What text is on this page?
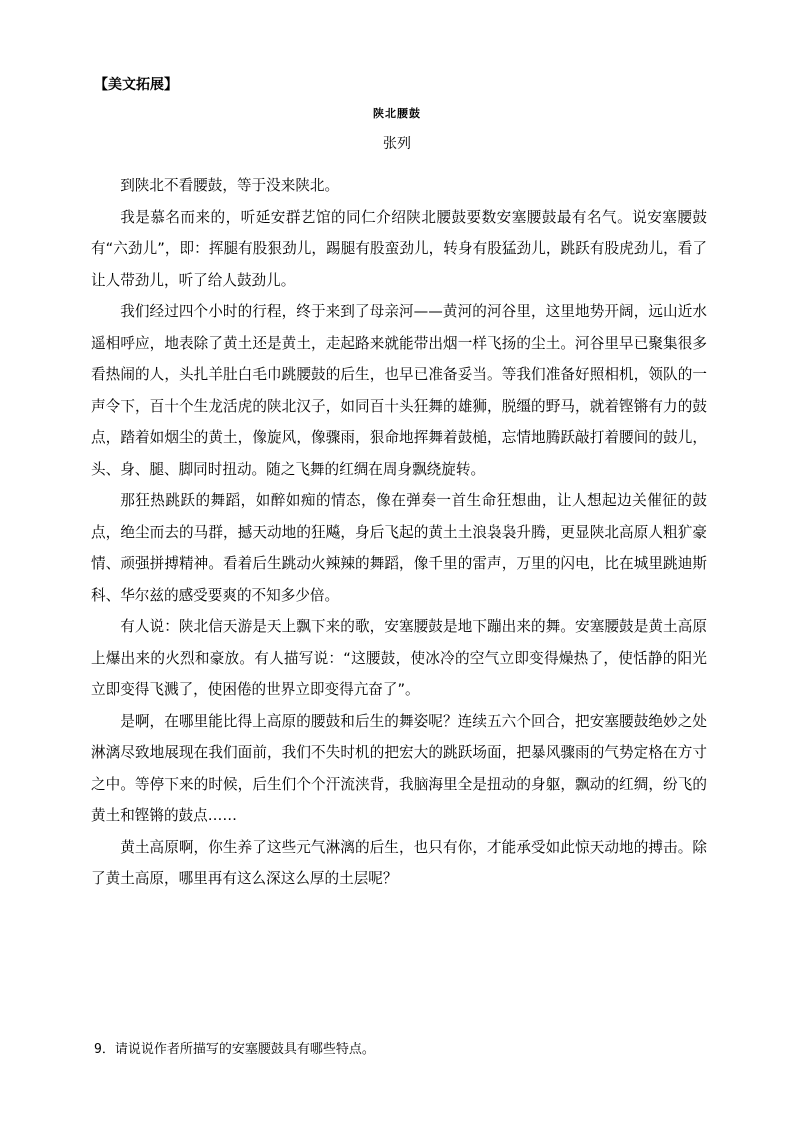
【美文拓展】
陕北腰鼓
张列

到陕北不看腰鼓，等于没来陕北。

我是慕名而来的，听延安群艺馆的同仁介绍陕北腰鼓要数安塞腰鼓最有名气。说安塞腰鼓有“六劲儿”，即：挥腿有股狠劲儿，踢腿有股蛮劲儿，转身有股猛劲儿，跳跃有股虎劲儿，看了让人带劲儿，听了给人鼓劲儿。

我们经过四个小时的行程，终于来到了母亲河——黄河的河谷里，这里地势开阔，远山近水遥相呼应，地表除了黄土还是黄土，走起路来就能带出烟一样飞扬的尘土。河谷里早已聚集很多看热闹的人，头扎羊肚白毛巾跳腰鼓的后生，也早已准备妥当。等我们准备好照相机，领队的一声令下，百十个生龙活虎的陕北汉子，如同百十头狂舞的雄狮，脱缰的野马，就着铿锵有力的鼓点，踏着如烟尘的黄土，像旋风，像骤雨，狠命地挥舞着鼓槌，忘情地腾跃敲打着腰间的鼓儿，头、身、腿、脚同时扭动。随之飞舞的红绸在周身飘绕旋转。

那狂热跳跃的舞蹈，如醉如痴的情态，像在弹奏一首生命狂想曲，让人想起边关催征的鼓点，绝尘而去的马群，撼天动地的狂飚，身后飞起的黄土土浪袅袅升腾，更显陕北高原人粗犷豪情、顽强拼搏精神。看着后生跳动火辣辣的舞蹈，像千里的雷声，万里的闪电，比在城里跳迪斯科、华尔兹的感受要爽的不知多少倍。

有人说：陕北信天游是天上飘下来的歌，安塞腰鼓是地下蹦出来的舞。安塞腰鼓是黄土高原上爆出来的火烈和豪放。有人描写说：“这腰鼓，使冰冷的空气立即变得燥热了，使恬静的阳光立即变得飞溅了，使困倦的世界立即变得亢奋了”。

是啊，在哪里能比得上高原的腰鼓和后生的舞姿呢？连续五六个回合，把安塞腰鼓绝妙之处淋漓尽致地展现在我们面前，我们不失时机的把宏大的跳跃场面，把暴风骤雨的气势定格在方寸之中。等停下来的时候，后生们个个汗流浃背，我脑海里全是扭动的身躯，飘动的红绸，纷飞的黄土和铿锵的鼓点……

黄土高原啊，你生养了这些元气淋漓的后生，也只有你，才能承受如此惊天动地的搏击。除了黄土高原，哪里再有这么深这么厚的土层呢？

9．请说说作者所描写的安塞腰鼓具有哪些特点。
